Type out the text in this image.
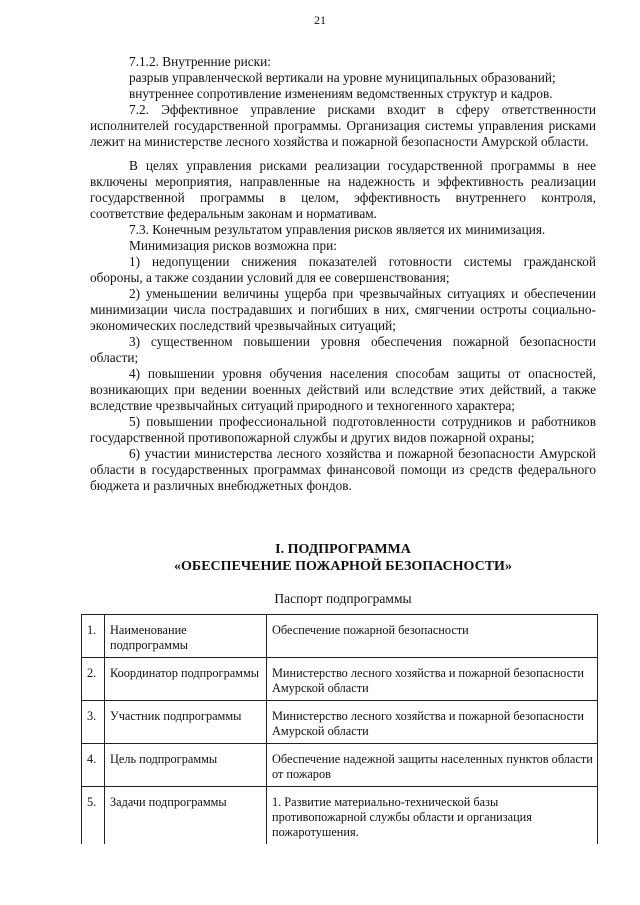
21

7.1.2. Внутренние риски:

разрыв управленческой вертикали на уровне муниципальных образований;

внутреннее сопротивление изменениям ведомственных структур и кадров.

7.2. Эффективное управление рисками входит в сферу ответственности исполнителей государственной программы. Организация системы управления рисками лежит на министерстве лесного хозяйства и пожарной безопасности Амурской области.

В целях управления рисками реализации государственной программы в нее включены мероприятия, направленные на надежность и эффективность реализации государственной программы в целом, эффективность внутреннего контроля, соответствие федеральным законам и нормативам.

7.3. Конечным результатом управления рисков является их минимизация.

Минимизация рисков возможна при:

1) недопущении снижения показателей готовности системы гражданской обороны, а также создании условий для ее совершенствования;

2) уменьшении величины ущерба при чрезвычайных ситуациях и обеспечении минимизации числа пострадавших и погибших в них, смягчении остроты социально-экономических последствий чрезвычайных ситуаций;

3) существенном повышении уровня обеспечения пожарной безопасности области;

4) повышении уровня обучения населения способам защиты от опасностей, возникающих при ведении военных действий или вследствие этих действий, а также вследствие чрезвычайных ситуаций природного и техногенного характера;

5) повышении профессиональной подготовленности сотрудников и работников государственной противопожарной службы и других видов пожарной охраны;

6) участии министерства лесного хозяйства и пожарной безопасности Амурской области в государственных программах финансовой помощи из средств федерального бюджета и различных внебюджетных фондов.

I. ПОДПРОГРАММА
«ОБЕСПЕЧЕНИЕ ПОЖАРНОЙ БЕЗОПАСНОСТИ»
Паспорт подпрограммы
1.	Наименование подпрограммы	Обеспечение пожарной безопасности
2.	Координатор подпрограммы	Министерство лесного хозяйства и пожарной безопасности Амурской области
3.	Участник подпрограммы	Министерство лесного хозяйства и пожарной безопасности Амурской области
4.	Цель подпрограммы	Обеспечение надежной защиты населенных пунктов области от пожаров
5.	Задачи подпрограммы	1. Развитие материально-технической базы противопожарной службы области и организация пожаротушения.
